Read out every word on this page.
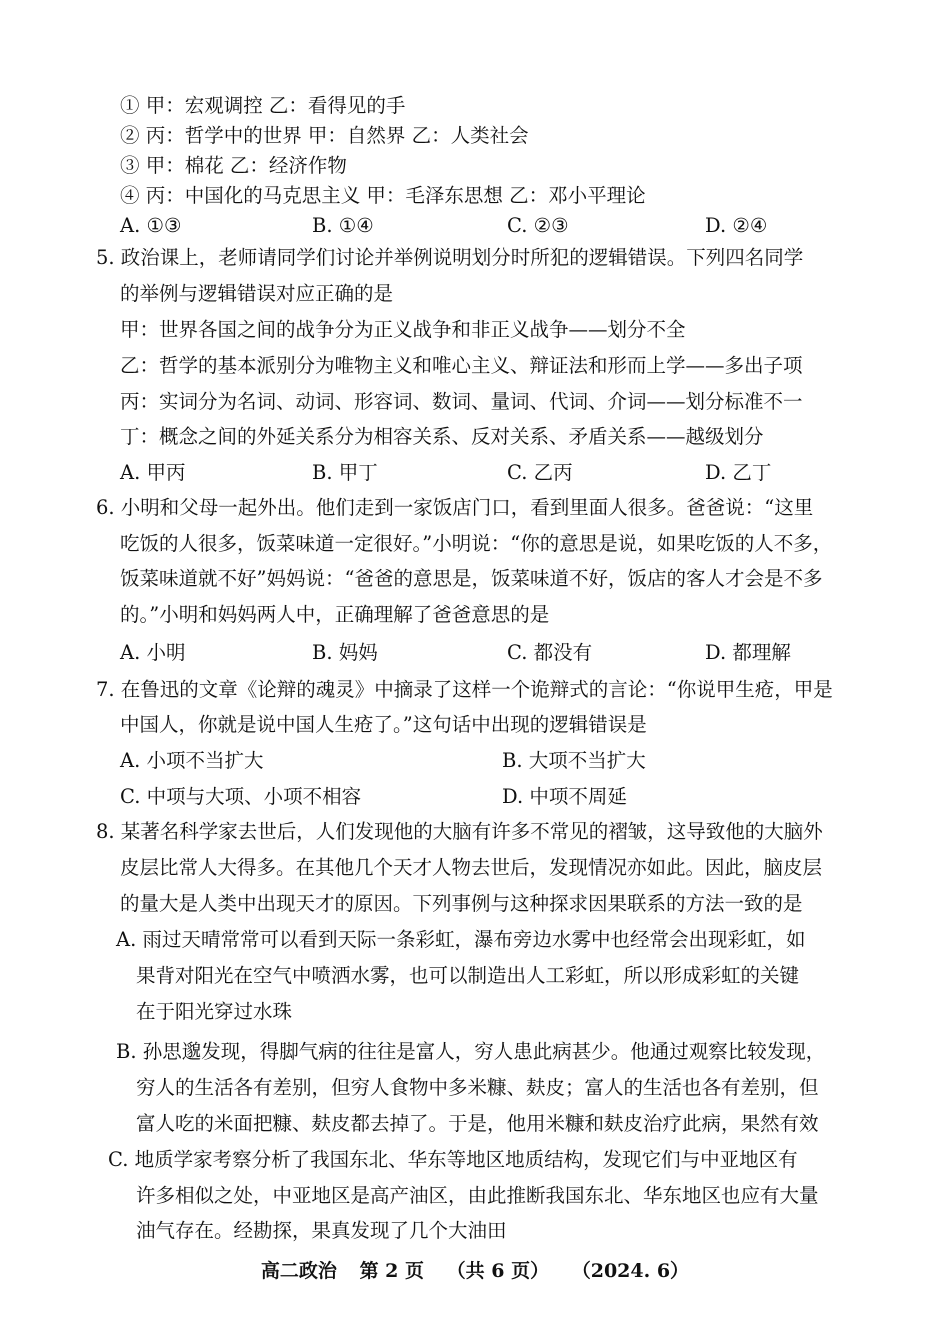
① 甲：宏观调控 乙：看得见的手
② 丙：哲学中的世界 甲：自然界 乙：人类社会
③ 甲：棉花 乙：经济作物
④ 丙：中国化的马克思主义 甲：毛泽东思想 乙：邓小平理论
A. ①③	B. ①④	C. ②③	D. ②④
5. 政治课上，老师请同学们讨论并举例说明划分时所犯的逻辑错误。下列四名同学
的举例与逻辑错误对应正确的是
甲：世界各国之间的战争分为正义战争和非正义战争——划分不全
乙：哲学的基本派别分为唯物主义和唯心主义、辩证法和形而上学——多出子项
丙：实词分为名词、动词、形容词、数词、量词、代词、介词——划分标准不一
丁：概念之间的外延关系分为相容关系、反对关系、矛盾关系——越级划分
A. 甲丙	B. 甲丁	C. 乙丙	D. 乙丁
6. 小明和父母一起外出。他们走到一家饭店门口，看到里面人很多。爸爸说：“这里
吃饭的人很多，饭菜味道一定很好。”小明说：“你的意思是说，如果吃饭的人不多，
饭菜味道就不好”妈妈说：“爸爸的意思是，饭菜味道不好，饭店的客人才会是不多
的。”小明和妈妈两人中，正确理解了爸爸意思的是
A. 小明	B. 妈妈	C. 都没有	D. 都理解
7. 在鲁迅的文章《论辩的魂灵》中摘录了这样一个诡辩式的言论：“你说甲生疮，甲是
中国人，你就是说中国人生疮了。”这句话中出现的逻辑错误是
A. 小项不当扩大	B. 大项不当扩大
C. 中项与大项、小项不相容	D. 中项不周延
8. 某著名科学家去世后，人们发现他的大脑有许多不常见的褶皱，这导致他的大脑外
皮层比常人大得多。在其他几个天才人物去世后，发现情况亦如此。因此，脑皮层
的量大是人类中出现天才的原因。下列事例与这种探求因果联系的方法一致的是
A. 雨过天晴常常可以看到天际一条彩虹，瀑布旁边水雾中也经常会出现彩虹，如
果背对阳光在空气中喷洒水雾，也可以制造出人工彩虹，所以形成彩虹的关键
在于阳光穿过水珠
B. 孙思邈发现，得脚气病的往往是富人，穷人患此病甚少。他通过观察比较发现，
穷人的生活各有差别，但穷人食物中多米糠、麸皮；富人的生活也各有差别，但
富人吃的米面把糠、麸皮都去掉了。于是，他用米糠和麸皮治疗此病，果然有效
C. 地质学家考察分析了我国东北、华东等地区地质结构，发现它们与中亚地区有
许多相似之处，中亚地区是高产油区，由此推断我国东北、华东地区也应有大量
油气存在。经勘探，果真发现了几个大油田
高二政治 第 2 页 （共 6 页） （2024. 6）
